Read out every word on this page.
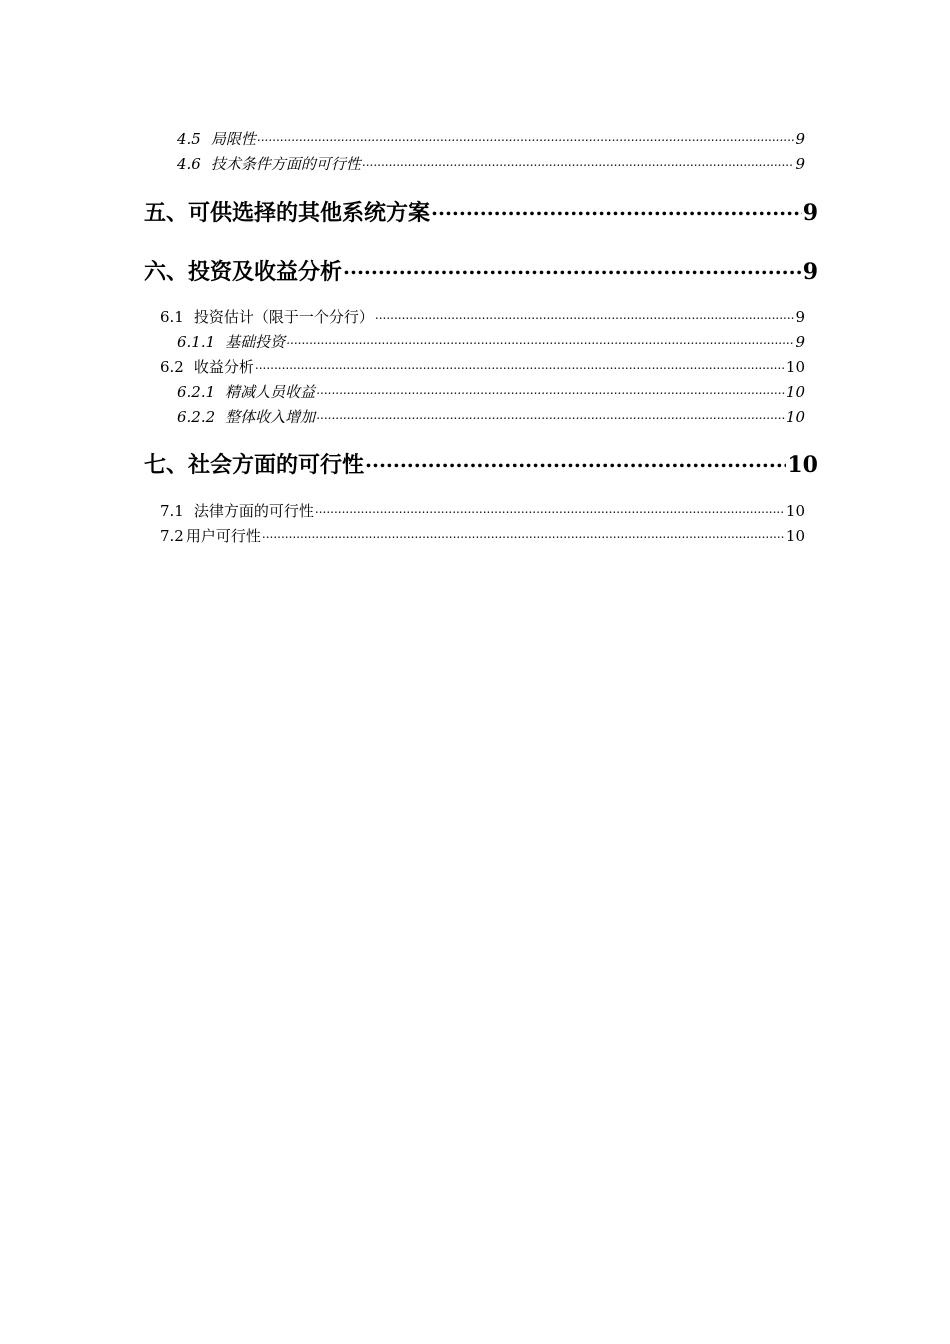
4.5 局限性 .....	9
4.6 技术条件方面的可行性 .....	9
五、可供选择的其他系统方案 .....	9
六、投资及收益分析 .....	9
6.1 投资估计（限于一个分行） .....	9
6.1.1 基础投资 .....	9
6.2 收益分析 .....	10
6.2.1 精减人员收益 .....	10
6.2.2 整体收入增加 .....	10
七、社会方面的可行性 .....	10
7.1 法律方面的可行性 .....	10
7.2 用户可行性 .....	10
